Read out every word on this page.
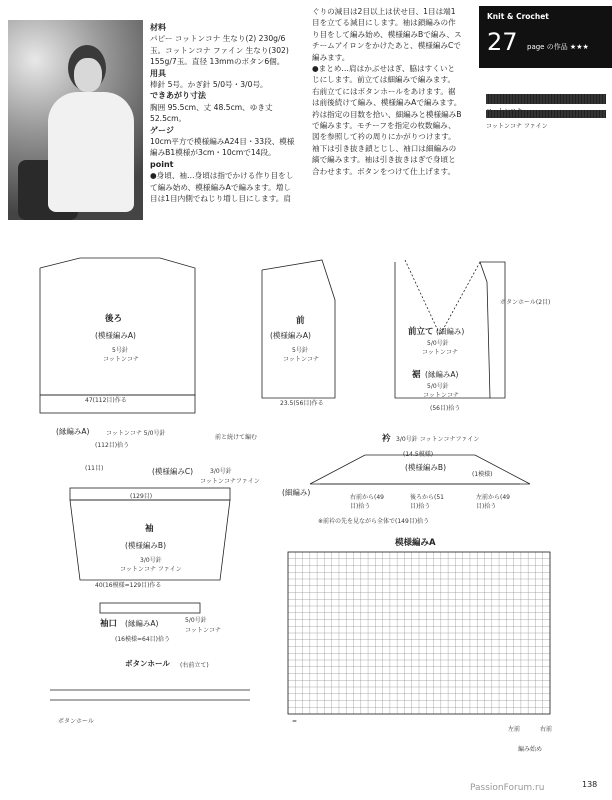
材料
パピー コットンコナ 生なり(2) 230g/6玉。コットンコナ ファイン 生なり(302) 155g/7玉。直径 13mmのボタン6個。
用具
棒針 5号。かぎ針 5/0号・3/0号。
できあがり寸法
胸囲 95.5cm、丈 48.5cm、ゆき丈 52.5cm。
ゲージ
10cm平方で模様編みA24目・33段、模様編みB1模様が3cm・10cmで14段。
point
●身頃、袖…身頃は指でかける作り目をして編み始め、模様編みAで編みます。増し目は1目内側でねじり増し目にします。肩
ぐりの減目は2目以上は伏せ目、1目は端1目を立てる減目にします。袖は鎖編みの作り目をして編み始め、模様編みBで編み、スチームアイロンをかけたあと、模様編みCで編みます。
●まとめ…肩はかぶせはぎ、脇はすくいとじにします。前立ては細編みで編みます。右前立てにはボタンホールをあけます。裾は前後続けて編み、模様編みAで編みます。衿は指定の目数を拾い、細編みと模様編みBで編みます。モチーフを指定の枚数編み、図を参照して衿の周りにかがりつけます。袖下は引き抜き鎖とじし、袖口は細編みの縞で編みます。袖は引き抜きはぎで身頃と合わせます。ボタンをつけて仕上げます。
Knit & Crochet
27 page の作品 ★★★
コットンコナ ファイン
後ろ
(模様編みA)
5号針
コットンコナ
47(112目)作る
(縁編みA)	コットンコナ 5/0号針
(112目)拾う
前と続けて編む
前
(模様編みA)
5号針
コットンコナ
23.5(56目)作る
前立て (細編み)
5/0号針
コットンコナ
ボタンホール(2目)
裾 (縁編みA)
5/0号針
コットンコナ
(56目)拾う
(11目)	(模様編みC)	3/0号針
コットンコナファイン
(129目)
袖
(模様編みB)
3/0号針
コットンコナ ファイン
40(16模様=129目)作る
袖口 (縁編みA)	5/0号針
コットンコナ
(16模様=64目)拾う
衿 3/0号針 コットンコナファイン
(14.5模様)
(模様編みB)
(1模様)
(細編み)
右前から(49目)拾う
後ろから(51目)拾う
左前から(49目)拾う
※前衿の先を見ながら全体で(149目)拾う
ボタンホール (右前立て)
ボタンホール
模様編みA
=
左前	右前
編み始め
138
PassionForum.ru
